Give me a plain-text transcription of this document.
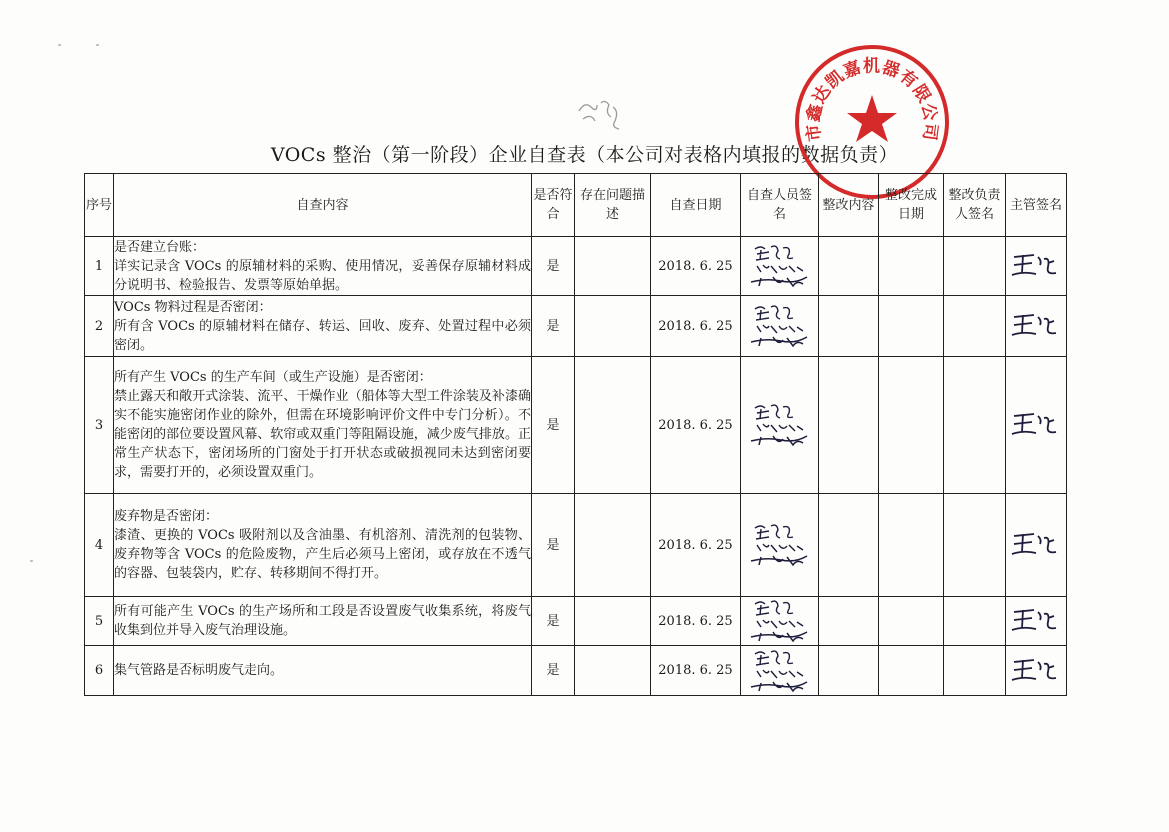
VOCs 整治（第一阶段）企业自查表（本公司对表格内填报的数据负责）
市鑫达凯嘉机器有限公司
序号	自查内容	是否符合	存在问题描述	自查日期	自查人员签名	整改内容	整改完成日期	整改负责人签名	主管签名
1	是否建立台账：
详实记录含 VOCs 的原辅材料的采购、使用情况，妥善保存原辅材料成分说明书、检验报告、发票等原始单据。	是		2018. 6. 25	

2	VOCs 物料过程是否密闭：
所有含 VOCs 的原辅材料在储存、转运、回收、废弃、处置过程中必须密闭。	是		2018. 6. 25	

3	所有产生 VOCs 的生产车间（或生产设施）是否密闭：
禁止露天和敞开式涂装、流平、干燥作业（船体等大型工件涂装及补漆确实不能实施密闭作业的除外，但需在环境影响评价文件中专门分析）。不能密闭的部位要设置风幕、软帘或双重门等阻隔设施，减少废气排放。正常生产状态下，密闭场所的门窗处于打开状态或破损视同未达到密闭要求，需要打开的，必须设置双重门。	是		2018. 6. 25	

4	废弃物是否密闭：
漆渣、更换的 VOCs 吸附剂以及含油墨、有机溶剂、清洗剂的包装物、废弃物等含 VOCs 的危险废物，产生后必须马上密闭，或存放在不透气的容器、包装袋内，贮存、转移期间不得打开。	是		2018. 6. 25	

5	所有可能产生 VOCs 的生产场所和工段是否设置废气收集系统，将废气收集到位并导入废气治理设施。	是		2018. 6. 25	

6	集气管路是否标明废气走向。	是		2018. 6. 25	
